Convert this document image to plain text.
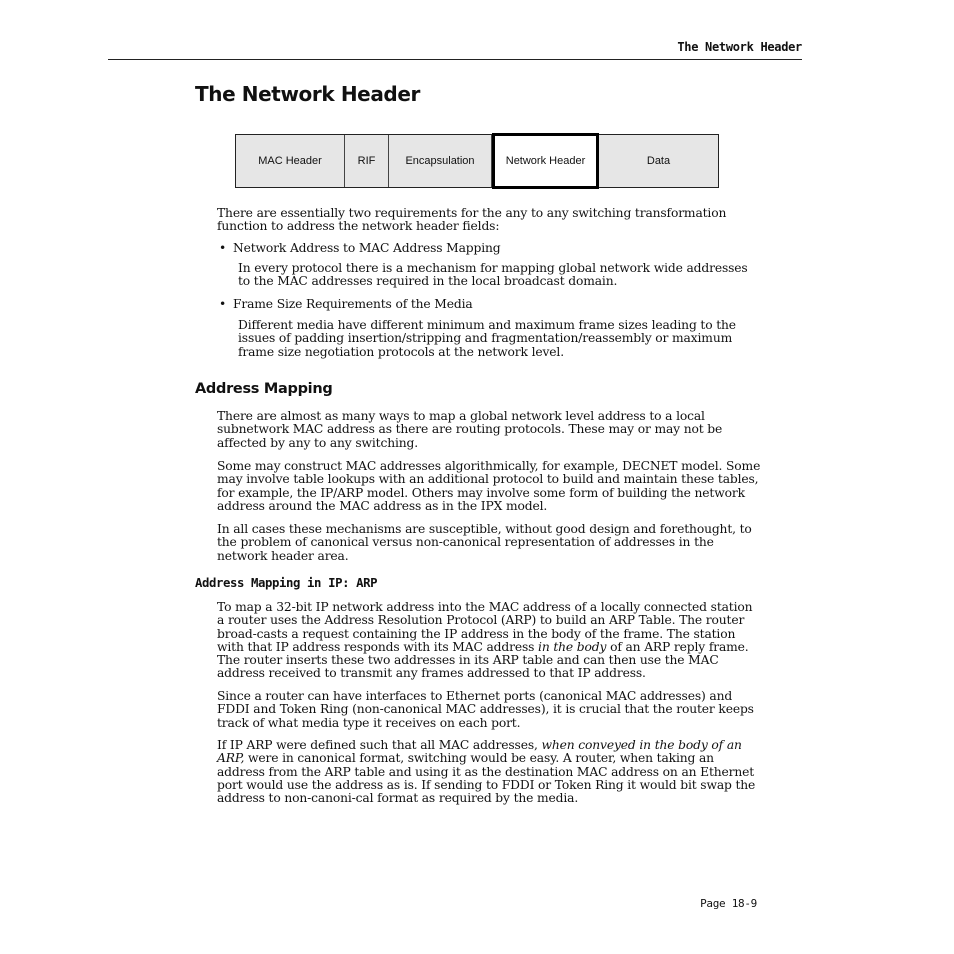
The Network Header
The Network Header
MAC Header	RIF	Encapsulation	Network Header	Data

There are essentially two requirements for the any to any switching transformation function to address the network header fields:

• Network Address to MAC Address Mapping

In every protocol there is a mechanism for mapping global network wide addresses to the MAC addresses required in the local broadcast domain.

• Frame Size Requirements of the Media

Different media have different minimum and maximum frame sizes leading to the issues of padding insertion/stripping and fragmentation/reassembly or maximum frame size negotiation protocols at the network level.

Address Mapping

There are almost as many ways to map a global network level address to a local subnetwork MAC address as there are routing protocols. These may or may not be affected by any to any switching.

Some may construct MAC addresses algorithmically, for example, DECNET model. Some may involve table lookups with an additional protocol to build and maintain these tables, for example, the IP/ARP model. Others may involve some form of building the network address around the MAC address as in the IPX model.

In all cases these mechanisms are susceptible, without good design and forethought, to the problem of canonical versus non-canonical representation of addresses in the network header area.

Address Mapping in IP: ARP

To map a 32-bit IP network address into the MAC address of a locally connected station a router uses the Address Resolution Protocol (ARP) to build an ARP Table. The router broad-casts a request containing the IP address in the body of the frame. The station with that IP address responds with its MAC address in the body of an ARP reply frame. The router inserts these two addresses in its ARP table and can then use the MAC address received to transmit any frames addressed to that IP address.

Since a router can have interfaces to Ethernet ports (canonical MAC addresses) and FDDI and Token Ring (non-canonical MAC addresses), it is crucial that the router keeps track of what media type it receives on each port.

If IP ARP were defined such that all MAC addresses, when conveyed in the body of an ARP, were in canonical format, switching would be easy. A router, when taking an address from the ARP table and using it as the destination MAC address on an Ethernet port would use the address as is. If sending to FDDI or Token Ring it would bit swap the address to non-canoni-cal format as required by the media.

Page 18-9
